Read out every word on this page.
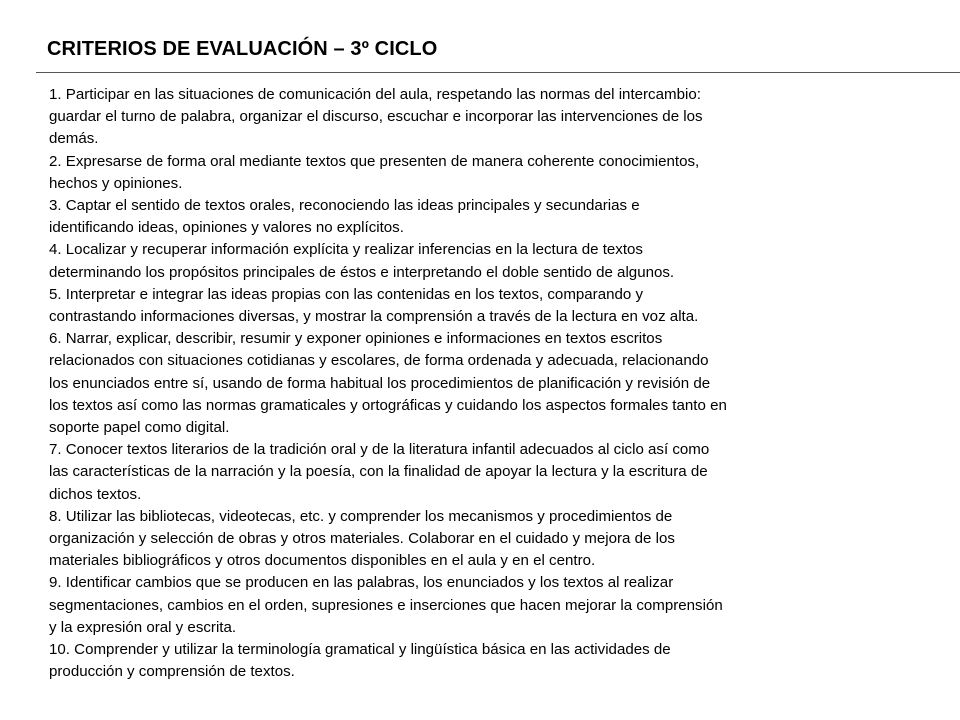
CRITERIOS DE EVALUACIÓN – 3º CICLO
1. Participar en las situaciones de comunicación del aula, respetando las normas del intercambio:
guardar el turno de palabra, organizar el discurso, escuchar e incorporar las intervenciones de los
demás.
2. Expresarse de forma oral mediante textos que presenten de manera coherente conocimientos,
hechos y opiniones.
3. Captar el sentido de textos orales, reconociendo las ideas principales y secundarias e
identificando ideas, opiniones y valores no explícitos.
4. Localizar y recuperar información explícita y realizar inferencias en la lectura de textos
determinando los propósitos principales de éstos e interpretando el doble sentido de algunos.
5. Interpretar e integrar las ideas propias con las contenidas en los textos, comparando y
contrastando informaciones diversas, y mostrar la comprensión a través de la lectura en voz alta.
6. Narrar, explicar, describir, resumir y exponer opiniones e informaciones en textos escritos
relacionados con situaciones cotidianas y escolares, de forma ordenada y adecuada, relacionando
los enunciados entre sí, usando de forma habitual los procedimientos de planificación y revisión de
los textos así como las normas gramaticales y ortográficas y cuidando los aspectos formales tanto en
soporte papel como digital.
7. Conocer textos literarios de la tradición oral y de la literatura infantil adecuados al ciclo así como
las características de la narración y la poesía, con la finalidad de apoyar la lectura y la escritura de
dichos textos.
8. Utilizar las bibliotecas, videotecas, etc. y comprender los mecanismos y procedimientos de
organización y selección de obras y otros materiales. Colaborar en el cuidado y mejora de los
materiales bibliográficos y otros documentos disponibles en el aula y en el centro.
9. Identificar cambios que se producen en las palabras, los enunciados y los textos al realizar
segmentaciones, cambios en el orden, supresiones e inserciones que hacen mejorar la comprensión
y la expresión oral y escrita.
10. Comprender y utilizar la terminología gramatical y lingüística básica en las actividades de
producción y comprensión de textos.
